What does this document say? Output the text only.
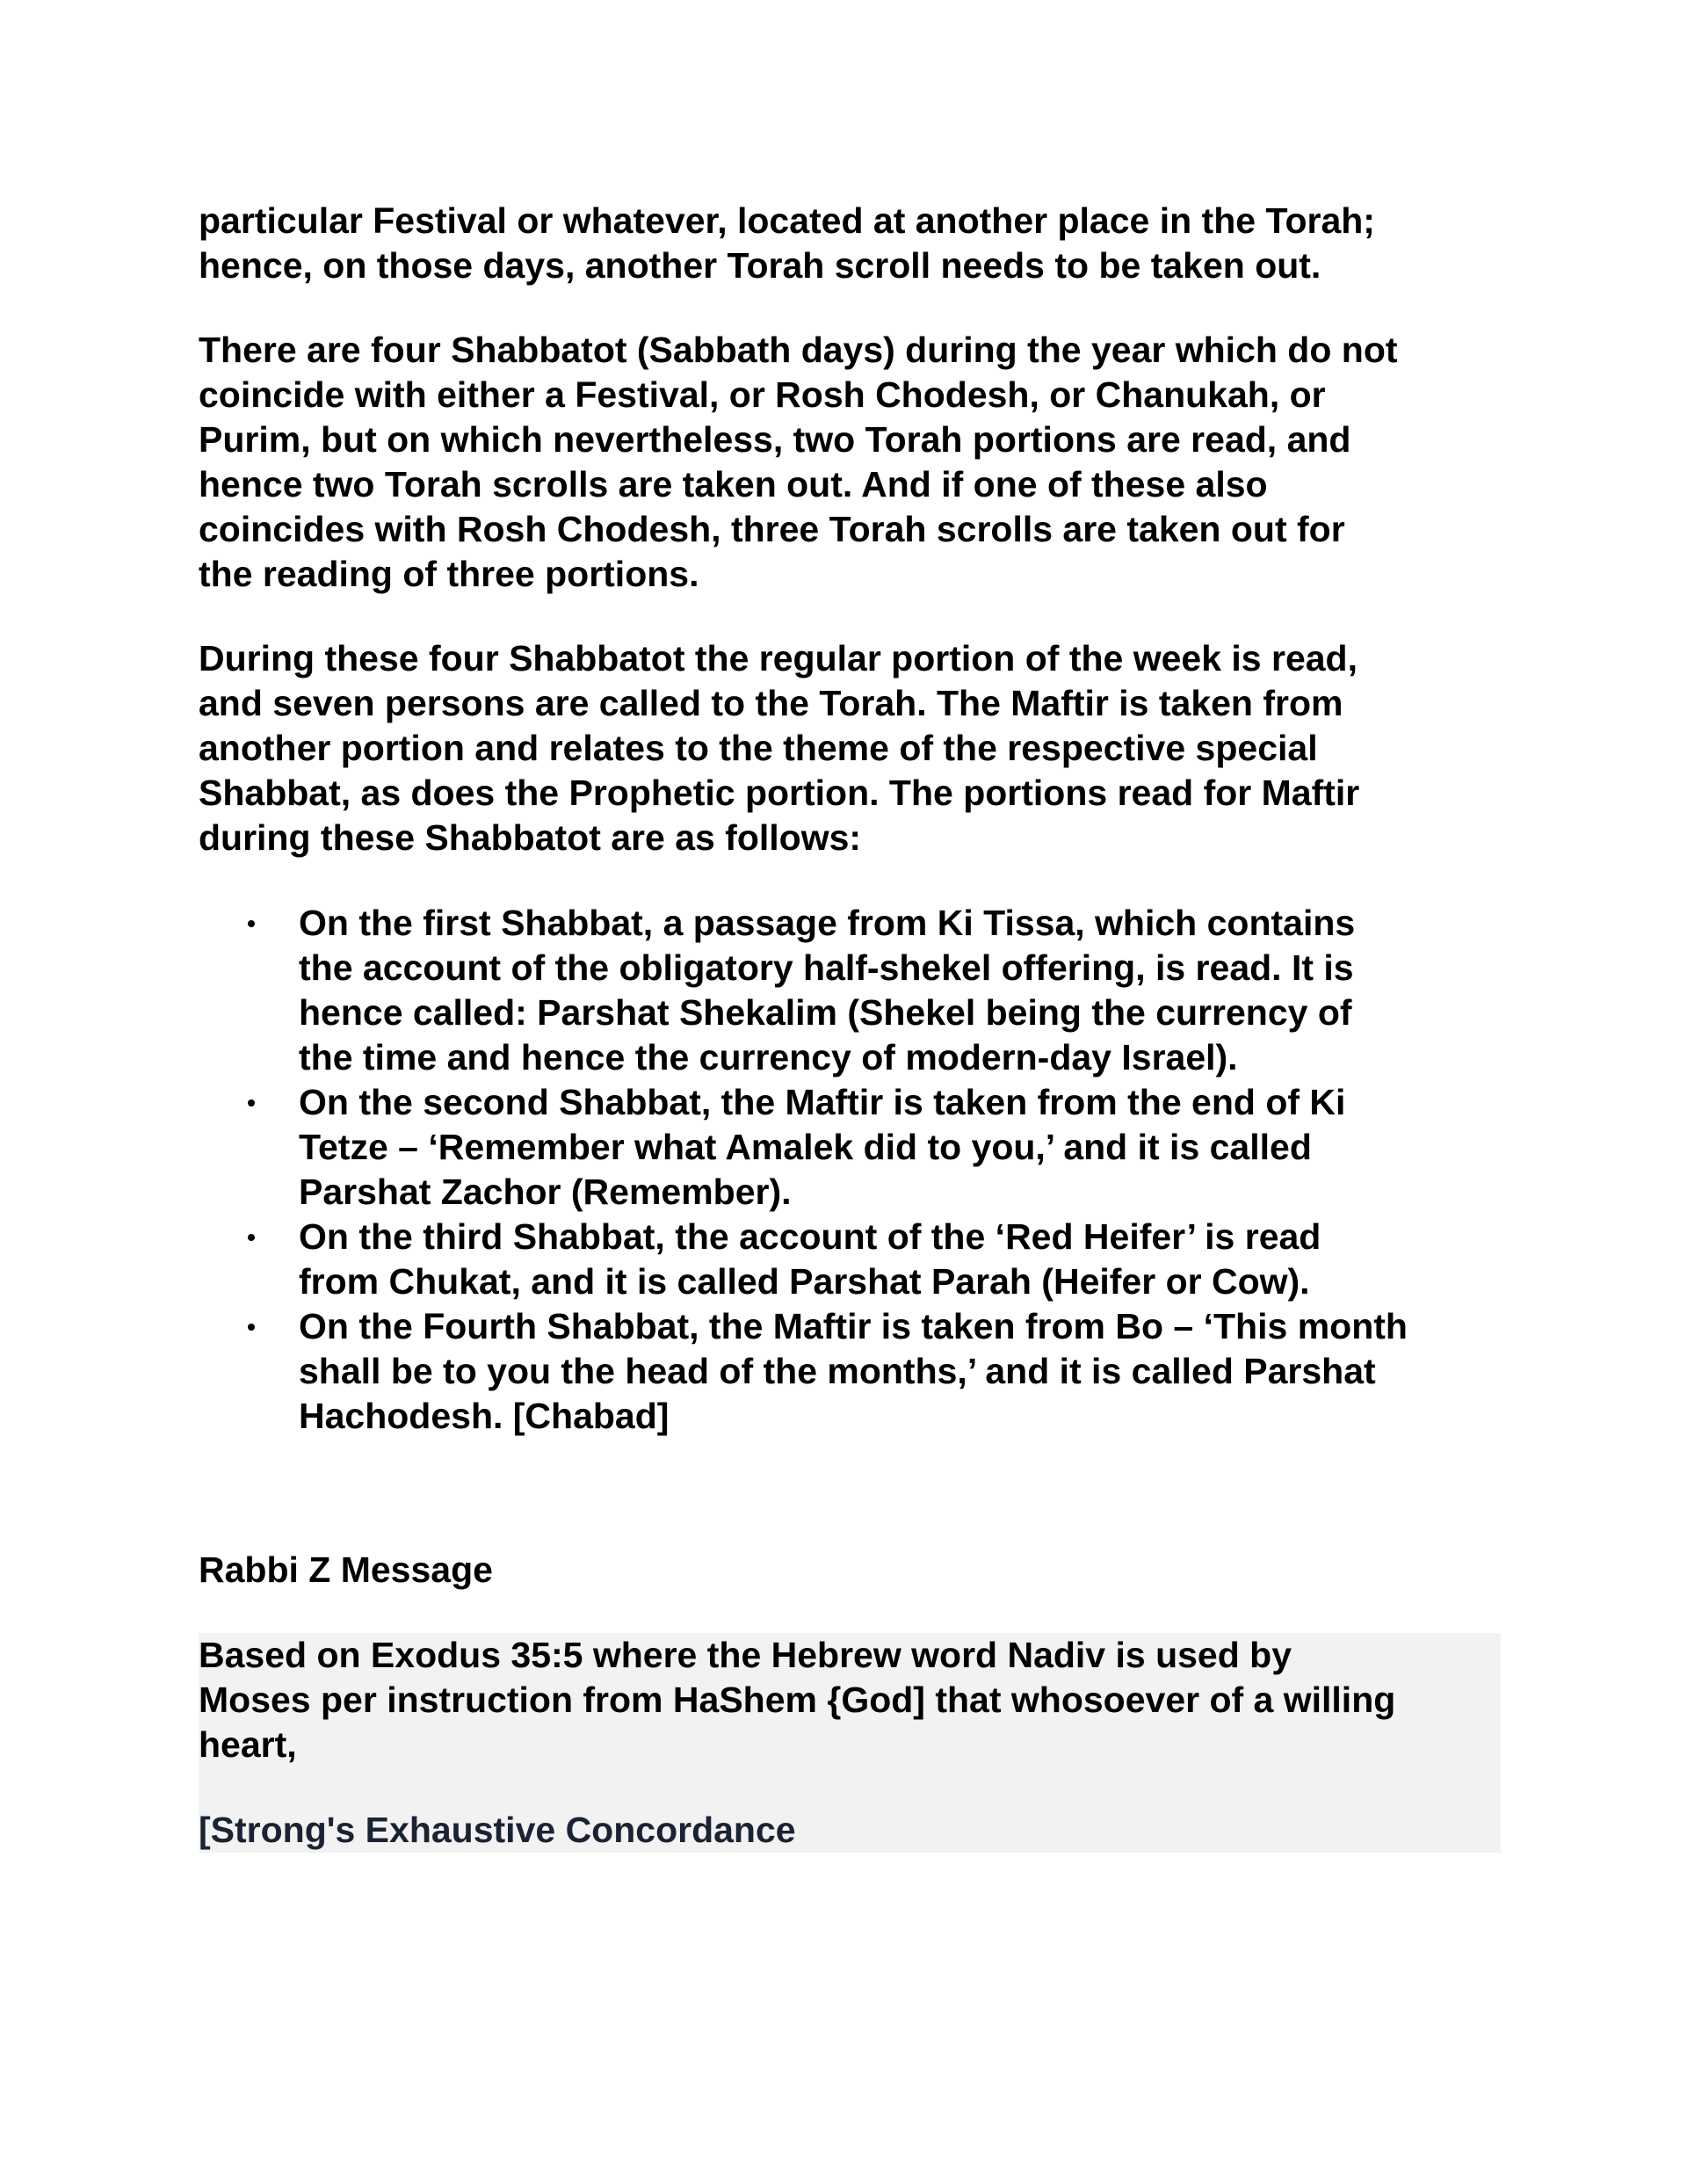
particular Festival or whatever, located at another place in the Torah;
hence, on those days, another Torah scroll needs to be taken out.

There are four Shabbatot (Sabbath days) during the year which do not
coincide with either a Festival, or Rosh Chodesh, or Chanukah, or
Purim, but on which nevertheless, two Torah portions are read, and
hence two Torah scrolls are taken out. And if one of these also
coincides with Rosh Chodesh, three Torah scrolls are taken out for
the reading of three portions.

During these four Shabbatot the regular portion of the week is read,
and seven persons are called to the Torah. The Maftir is taken from
another portion and relates to the theme of the respective special
Shabbat, as does the Prophetic portion. The portions read for Maftir
during these Shabbatot are as follows:

On the first Shabbat, a passage from Ki Tissa, which contains
the account of the obligatory half-shekel offering, is read. It is
hence called: Parshat Shekalim (Shekel being the currency of
the time and hence the currency of modern-day Israel).
On the second Shabbat, the Maftir is taken from the end of Ki
Tetze – ‘Remember what Amalek did to you,’ and it is called
Parshat Zachor (Remember).
On the third Shabbat, the account of the ‘Red Heifer’ is read
from Chukat, and it is called Parshat Parah (Heifer or Cow).
On the Fourth Shabbat, the Maftir is taken from Bo – ‘This month
shall be to you the head of the months,’ and it is called Parshat
Hachodesh. [Chabad]

Rabbi Z Message

Based on Exodus 35:5 where the Hebrew word Nadiv is used by
Moses per instruction from HaShem {God] that whosoever of a willing
heart,

[Strong's Exhaustive Concordance
